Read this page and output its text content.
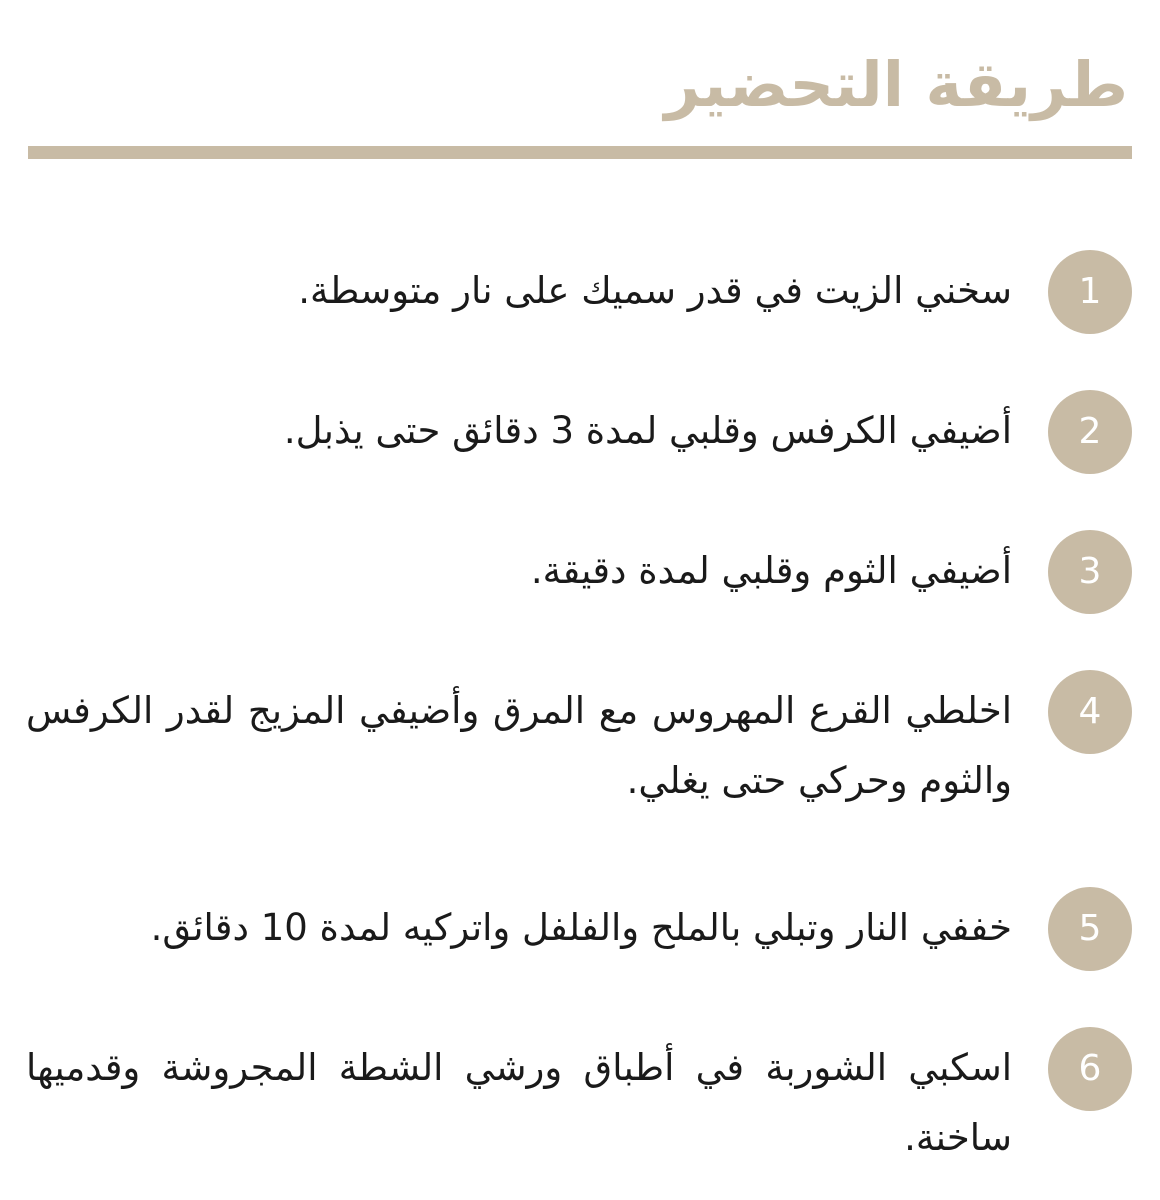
طريقة التحضير
1

سخني الزيت في قدر سميك على نار متوسطة.

2

أضيفي الكرفس وقلبي لمدة 3 دقائق حتى يذبل.

3

أضيفي الثوم وقلبي لمدة دقيقة.

4

اخلطي القرع المهروس مع المرق وأضيفي المزيج لقدر الكرفس والثوم وحركي حتى يغلي.

5

خففي النار وتبلي بالملح والفلفل واتركيه لمدة 10 دقائق.

6

اسكبي الشوربة في أطباق ورشي الشطة المجروشة وقدميها ساخنة.
